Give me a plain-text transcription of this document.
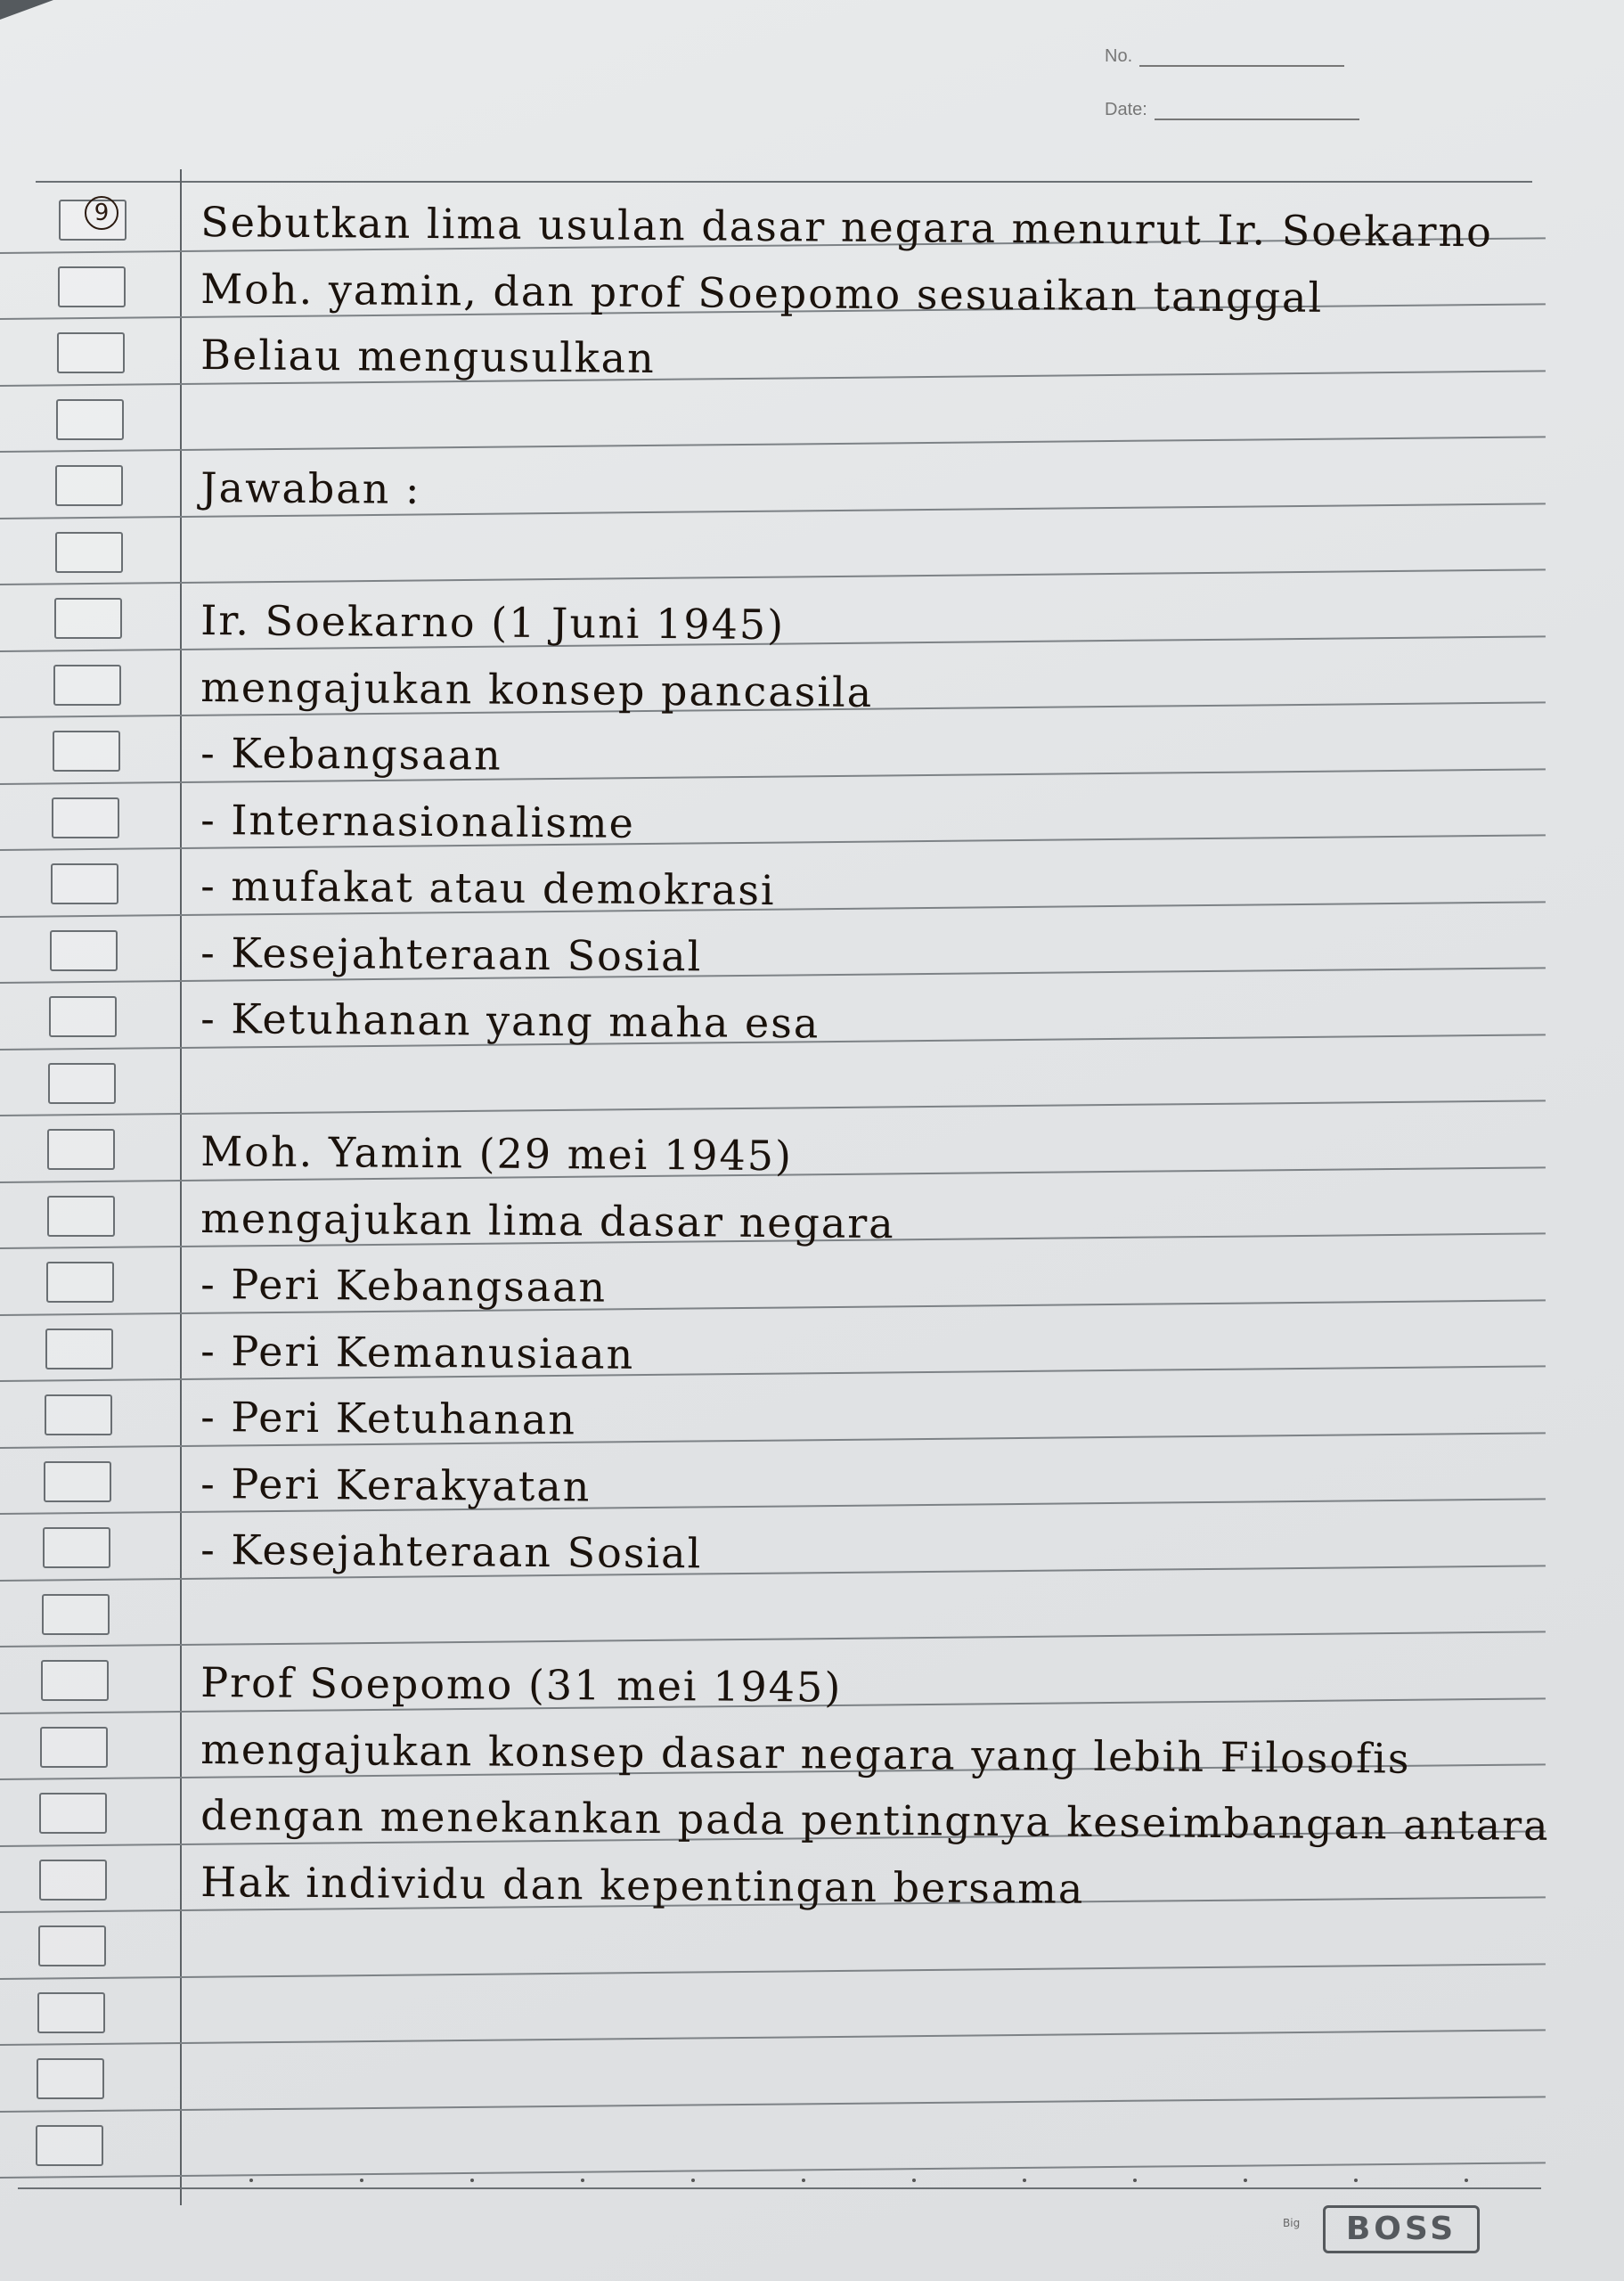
No.
Date:
Sebutkan lima usulan dasar negara menurut Ir. Soekarno
Moh. yamin, dan prof Soepomo sesuaikan tanggal
Beliau mengusulkan
Jawaban :
Ir. Soekarno (1 Juni 1945)
mengajukan konsep pancasila
- Kebangsaan
- Internasionalisme
- mufakat atau demokrasi
- Kesejahteraan Sosial
- Ketuhanan yang maha esa
Moh. Yamin (29 mei 1945)
mengajukan lima dasar negara
- Peri Kebangsaan
- Peri Kemanusiaan
- Peri Ketuhanan
- Peri Kerakyatan
- Kesejahteraan Sosial
Prof Soepomo (31 mei 1945)
mengajukan konsep dasar negara yang lebih Filosofis
dengan menekankan pada pentingnya keseimbangan antara
Hak individu dan kepentingan bersama
9
Big	BOSS
